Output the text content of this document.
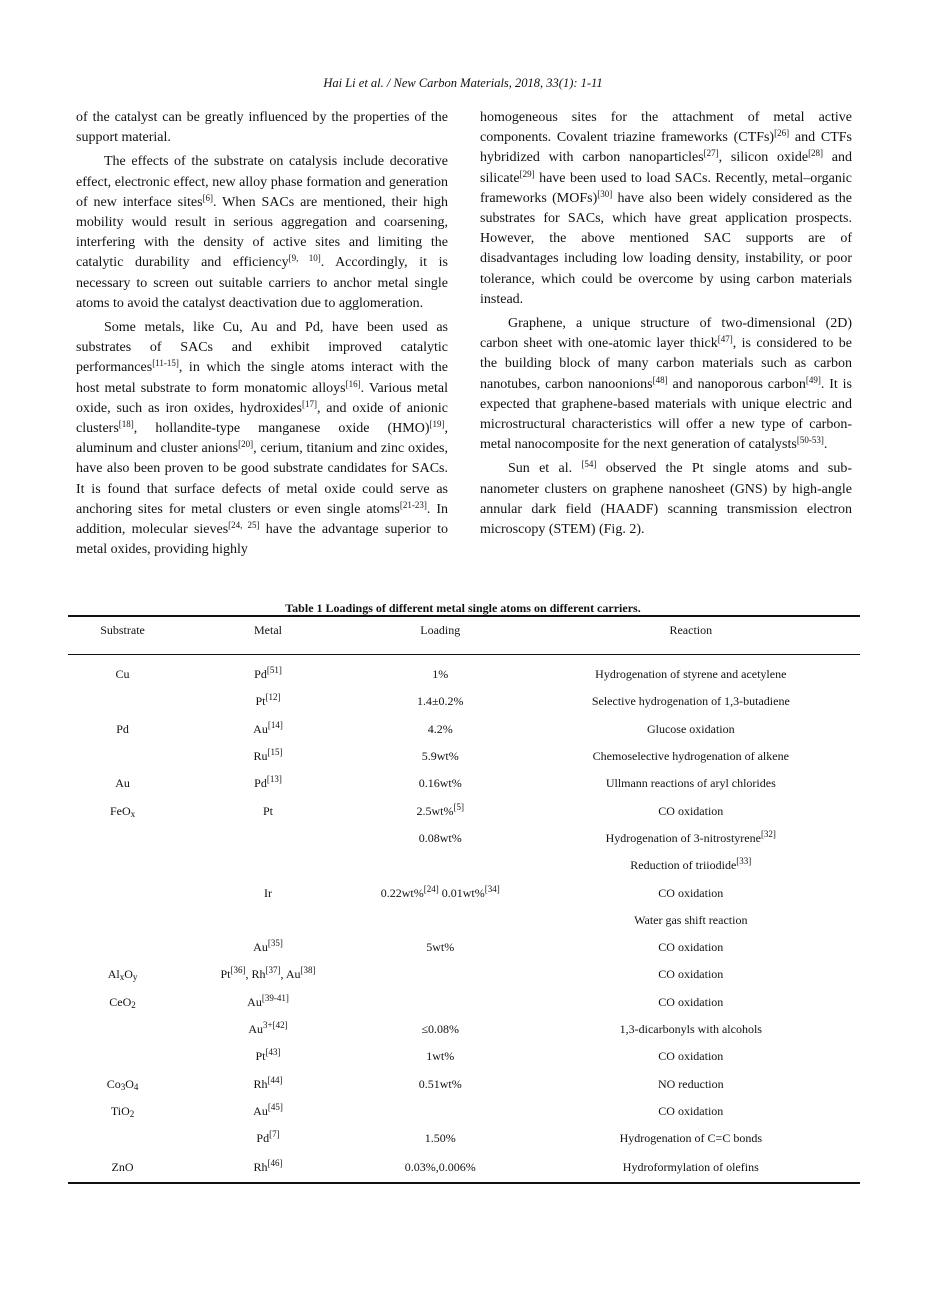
Hai Li et al. / New Carbon Materials, 2018, 33(1): 1-11

of the catalyst can be greatly influenced by the properties of the support material.

The effects of the substrate on catalysis include decorative effect, electronic effect, new alloy phase formation and generation of new interface sites[6]. When SACs are mentioned, their high mobility would result in serious aggregation and coarsening, interfering with the density of active sites and limiting the catalytic durability and efficiency[9, 10]. Accordingly, it is necessary to screen out suitable carriers to anchor metal single atoms to avoid the catalyst deactivation due to agglomeration.

Some metals, like Cu, Au and Pd, have been used as substrates of SACs and exhibit improved catalytic performances[11-15], in which the single atoms interact with the host metal substrate to form monatomic alloys[16]. Various metal oxide, such as iron oxides, hydroxides[17], and oxide of anionic clusters[18], hollandite-type manganese oxide (HMO)[19], aluminum and cluster anions[20], cerium, titanium and zinc oxides, have also been proven to be good substrate candidates for SACs. It is found that surface defects of metal oxide could serve as anchoring sites for metal clusters or even single atoms[21-23]. In addition, molecular sieves[24, 25] have the advantage superior to metal oxides, providing highly

homogeneous sites for the attachment of metal active components. Covalent triazine frameworks (CTFs)[26] and CTFs hybridized with carbon nanoparticles[27], silicon oxide[28] and silicate[29] have been used to load SACs. Recently, metal–organic frameworks (MOFs)[30] have also been widely considered as the substrates for SACs, which have great application prospects. However, the above mentioned SAC supports are of disadvantages including low loading density, instability, or poor tolerance, which could be overcome by using carbon materials instead.

Graphene, a unique structure of two-dimensional (2D) carbon sheet with one-atomic layer thick[47], is considered to be the building block of many carbon materials such as carbon nanotubes, carbon nanoonions[48] and nanoporous carbon[49]. It is expected that graphene-based materials with unique electric and microstructural characteristics will offer a new type of carbon-metal nanocomposite for the next generation of catalysts[50-53].

Sun et al. [54] observed the Pt single atoms and sub-nanometer clusters on graphene nanosheet (GNS) by high-angle annular dark field (HAADF) scanning transmission electron microscopy (STEM) (Fig. 2).

Table 1 Loadings of different metal single atoms on different carriers.
Substrate	Metal	Loading	Reaction

Cu	Pd[51]	1%	Hydrogenation of styrene and acetylene
	Pt[12]	1.4±0.2%	Selective hydrogenation of 1,3-butadiene
Pd	Au[14]	4.2%	Glucose oxidation
	Ru[15]	5.9wt%	Chemoselective hydrogenation of alkene
Au	Pd[13]	0.16wt%	Ullmann reactions of aryl chlorides
FeO$_x$	Pt	2.5wt%[5]	CO oxidation
		0.08wt%	Hydrogenation of 3-nitrostyrene[32]
			Reduction of triiodide[33]
	Ir	0.22wt%[24] 0.01wt%[34]	CO oxidation
			Water gas shift reaction
	Au[35]	5wt%	CO oxidation
$Al_xO_y$	Pt[36], Rh[37], Au[38]		CO oxidation
CeO$_2$	Au[39-41]		CO oxidation
	$Au^{3+[42]}$	≤0.08%	1,3-dicarbonyls with alcohols
	Pt[43]	1wt%	CO oxidation
$Co_3O_4$	Rh[44]	0.51wt%	NO reduction
TiO$_2$	Au[45]		CO oxidation
	Pd[7]	1.50%	Hydrogenation of C=C bonds
ZnO	Rh[46]	0.03%,0.006%	Hydroformylation of olefins
